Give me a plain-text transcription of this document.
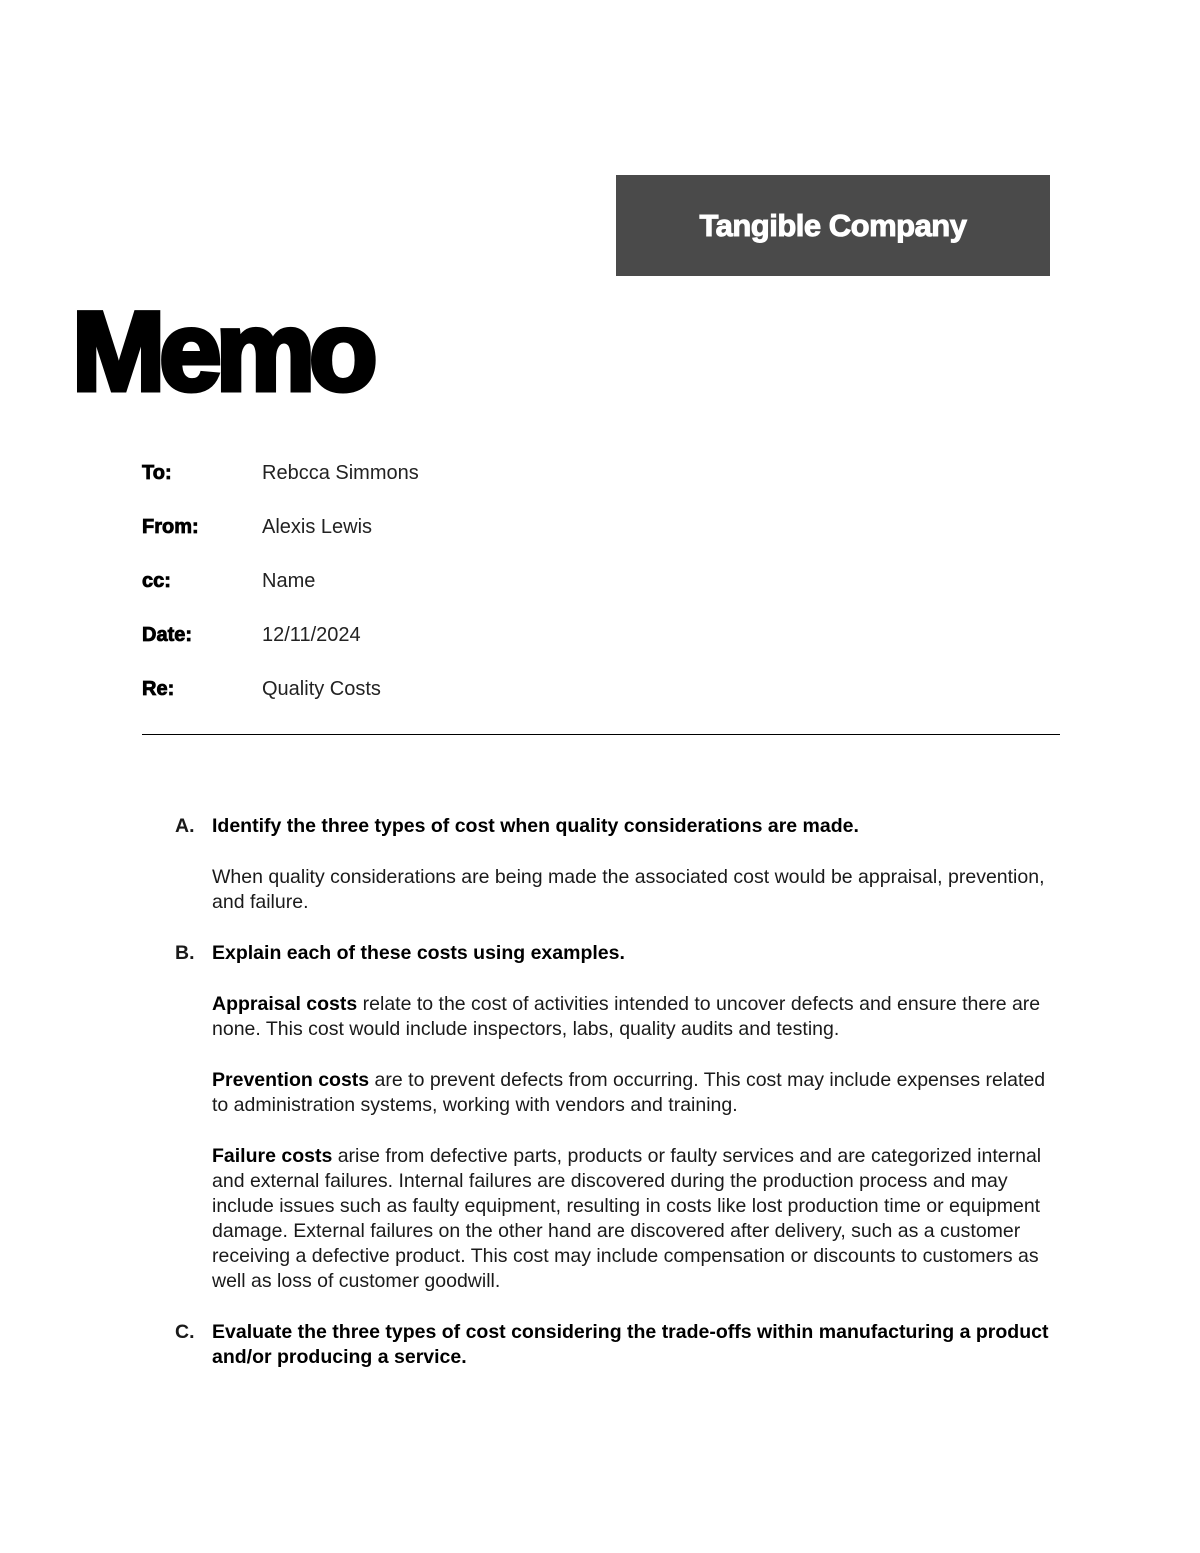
Tangible Company
Memo
To:	Rebcca Simmons
From:	Alexis Lewis
cc:	Name
Date:	12/11/2024
Re:	Quality Costs
A. Identify the three types of cost when quality considerations are made.
When quality considerations are being made the associated cost would be appraisal, prevention, and failure.
B. Explain each of these costs using examples.
Appraisal costs relate to the cost of activities intended to uncover defects and ensure there are none. This cost would include inspectors, labs, quality audits and testing.
Prevention costs are to prevent defects from occurring. This cost may include expenses related to administration systems, working with vendors and training.
Failure costs arise from defective parts, products or faulty services and are categorized internal and external failures. Internal failures are discovered during the production process and may include issues such as faulty equipment, resulting in costs like lost production time or equipment damage. External failures on the other hand are discovered after delivery, such as a customer receiving a defective product. This cost may include compensation or discounts to customers as well as loss of customer goodwill.
C. Evaluate the three types of cost considering the trade-offs within manufacturing a product and/or producing a service.
